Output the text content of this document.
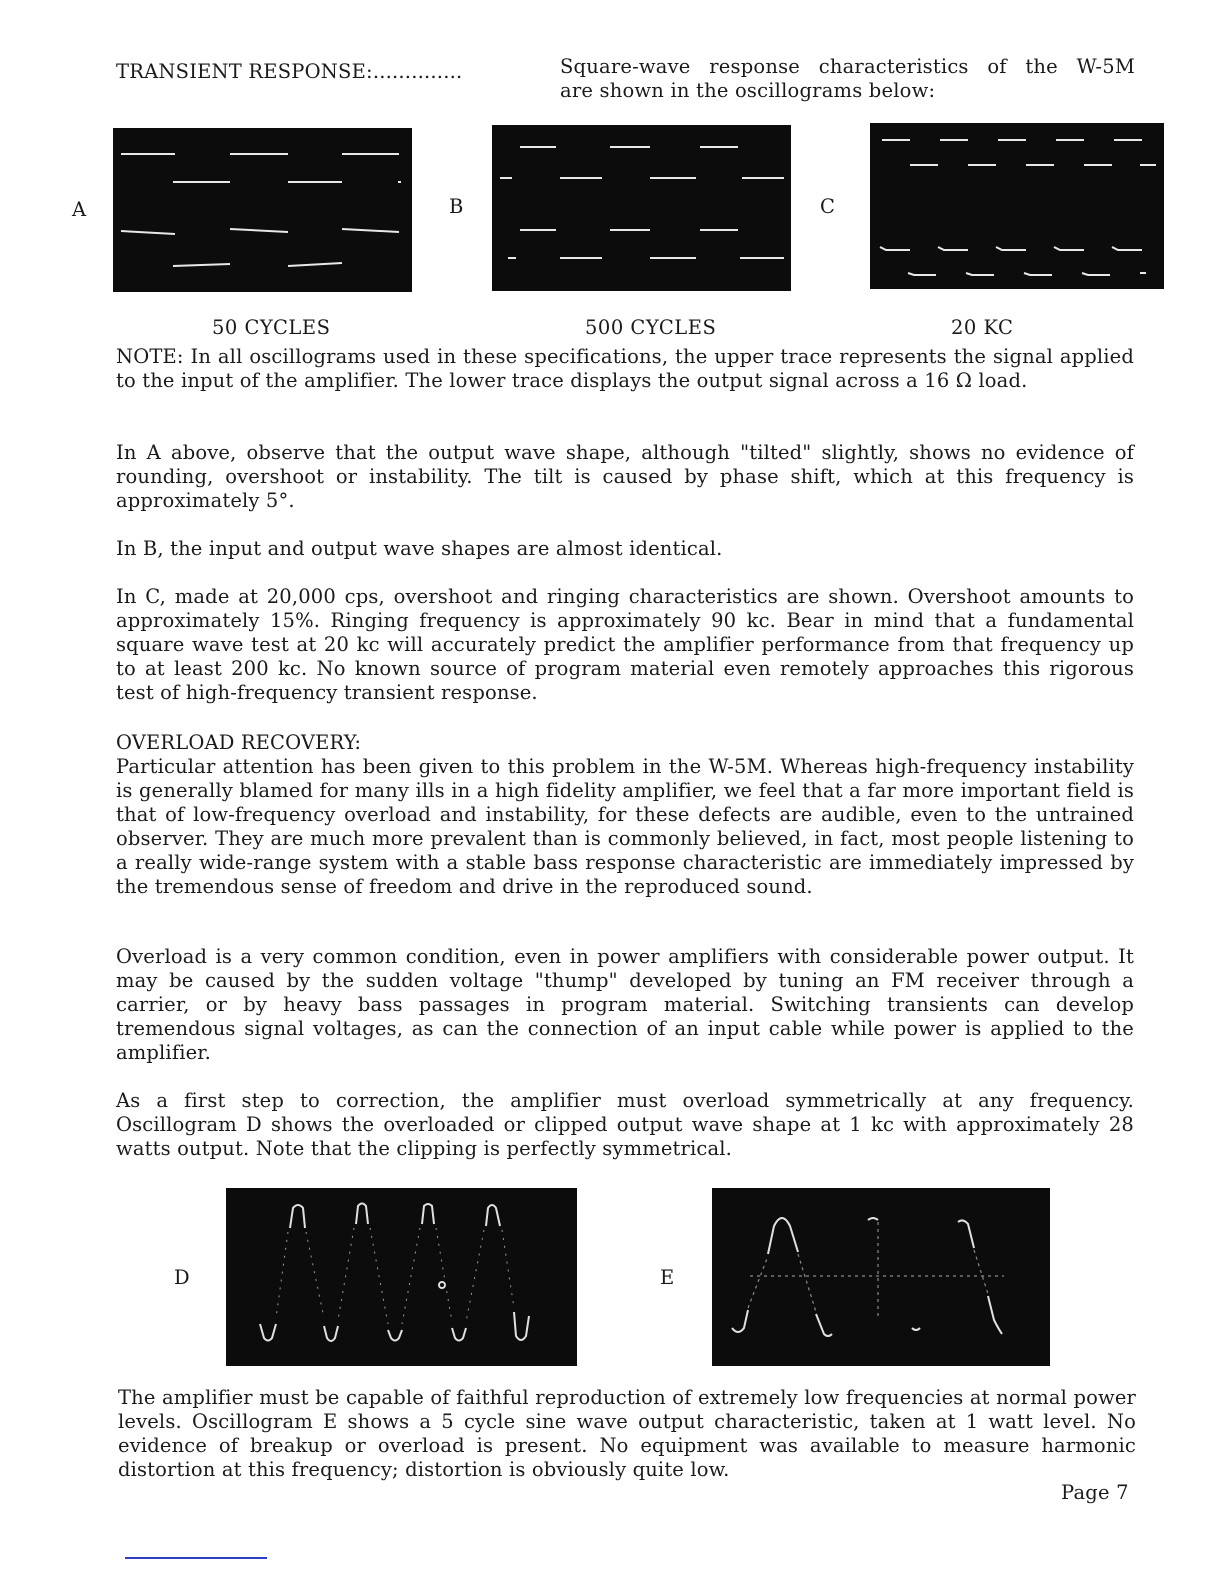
TRANSIENT RESPONSE:..............	Square-wave response characteristics of the W-5M
are shown in the oscillograms below:
A	B	C
50 CYCLES	500 CYCLES	20 KC
NOTE: In all oscillograms used in these specifications, the upper trace represents the signal applied to the input of the amplifier. The lower trace displays the output signal across a 16 Ω load.
In A above, observe that the output wave shape, although "tilted" slightly, shows no evidence of rounding, overshoot or instability. The tilt is caused by phase shift, which at this frequency is approximately 5°.
In B, the input and output wave shapes are almost identical.
In C, made at 20,000 cps, overshoot and ringing characteristics are shown. Overshoot amounts to approximately 15%. Ringing frequency is approximately 90 kc. Bear in mind that a fundamental square wave test at 20 kc will accurately predict the amplifier performance from that frequency up to at least 200 kc. No known source of program material even remotely approaches this rigorous test of high-frequency transient response.
OVERLOAD RECOVERY:
Particular attention has been given to this problem in the W-5M. Whereas high-frequency instability is generally blamed for many ills in a high fidelity amplifier, we feel that a far more important field is that of low-frequency overload and instability, for these defects are audible, even to the untrained observer. They are much more prevalent than is commonly believed, in fact, most people listening to a really wide-range system with a stable bass response characteristic are immediately impressed by the tremendous sense of freedom and drive in the reproduced sound.
Overload is a very common condition, even in power amplifiers with considerable power output. It may be caused by the sudden voltage "thump" developed by tuning an FM receiver through a carrier, or by heavy bass passages in program material. Switching transients can develop tremendous signal voltages, as can the connection of an input cable while power is applied to the amplifier.
As a first step to correction, the amplifier must overload symmetrically at any frequency. Oscillogram D shows the overloaded or clipped output wave shape at 1 kc with approximately 28 watts output. Note that the clipping is perfectly symmetrical.
D	E
The amplifier must be capable of faithful reproduction of extremely low frequencies at normal power levels. Oscillogram E shows a 5 cycle sine wave output characteristic, taken at 1 watt level. No evidence of breakup or overload is present. No equipment was available to measure harmonic distortion at this frequency; distortion is obviously quite low.
Page 7
